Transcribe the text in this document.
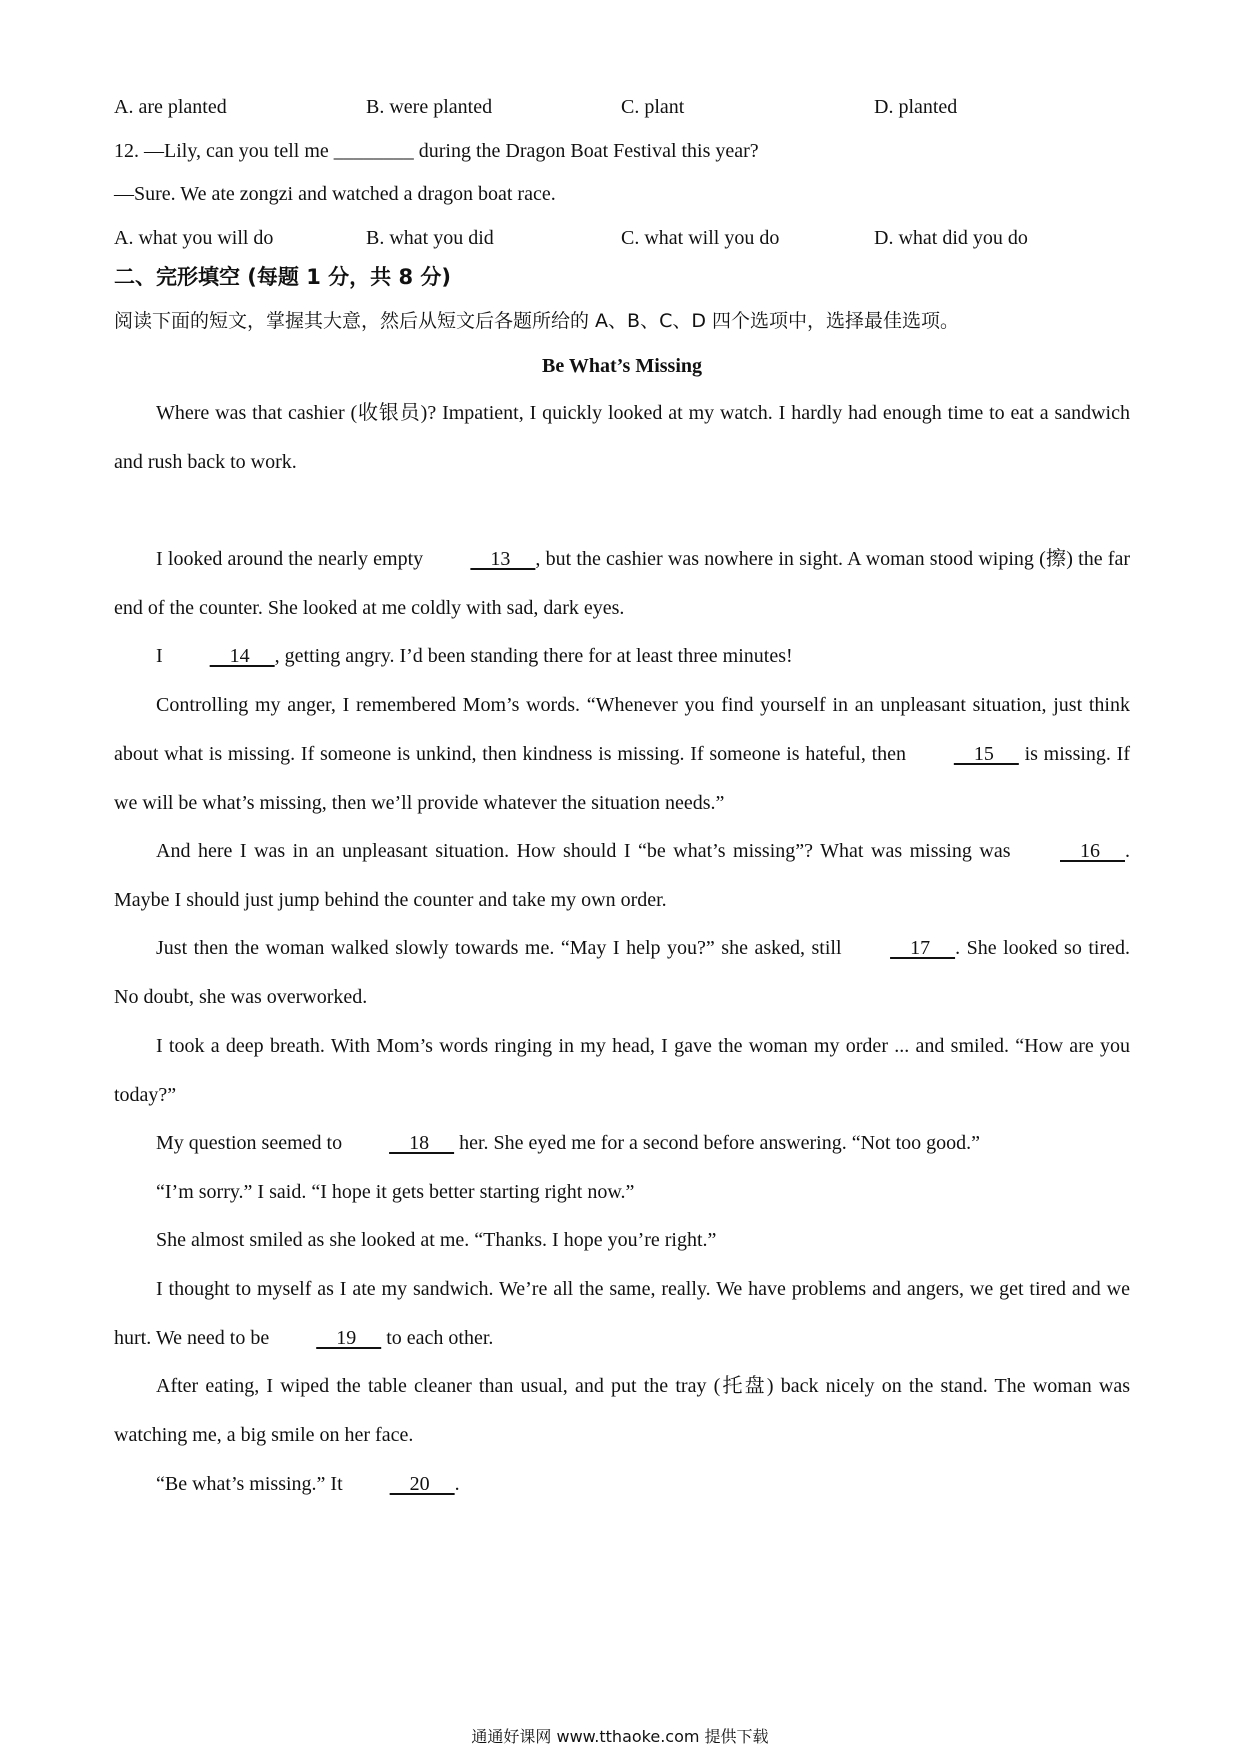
A. are planted	B. were planted	C. plant	D. planted
12. —Lily, can you tell me ________ during the Dragon Boat Festival this year?
—Sure. We ate zongzi and watched a dragon boat race.
A. what you will do	B. what you did	C. what will you do	D. what did you do
二、完形填空 (每题 1 分，共 8 分)
阅读下面的短文，掌握其大意，然后从短文后各题所给的 A、B、C、D 四个选项中，选择最佳选项。
Be What’s Missing
Where was that cashier (收银员)? Impatient, I quickly looked at my watch. I hardly had enough time to eat a sandwich and rush back to work.
I looked around the nearly empty     13     , but the cashier was nowhere in sight. A woman stood wiping (擦) the far end of the counter. She looked at me coldly with sad, dark eyes.
I     14     , getting angry. I’d been standing there for at least three minutes!
Controlling my anger, I remembered Mom’s words. “Whenever you find yourself in an unpleasant situation, just think about what is missing. If someone is unkind, then kindness is missing. If someone is hateful, then     15      is missing. If we will be what’s missing, then we’ll provide whatever the situation needs.”
And here I was in an unpleasant situation. How should I “be what’s missing”? What was missing was     16     . Maybe I should just jump behind the counter and take my own order.
Just then the woman walked slowly towards me. “May I help you?” she asked, still     17     . She looked so tired. No doubt, she was overworked.
I took a deep breath. With Mom’s words ringing in my head, I gave the woman my order ... and smiled. “How are you today?”
My question seemed to     18      her. She eyed me for a second before answering. “Not too good.”
“I’m sorry.” I said. “I hope it gets better starting right now.”
She almost smiled as she looked at me. “Thanks. I hope you’re right.”
I thought to myself as I ate my sandwich. We’re all the same, really. We have problems and angers, we get tired and we hurt. We need to be     19      to each other.
After eating, I wiped the table cleaner than usual, and put the tray (托盘) back nicely on the stand. The woman was watching me, a big smile on her face.
“Be what’s missing.” It     20     .
通通好课网 www.tthaoke.com 提供下载
